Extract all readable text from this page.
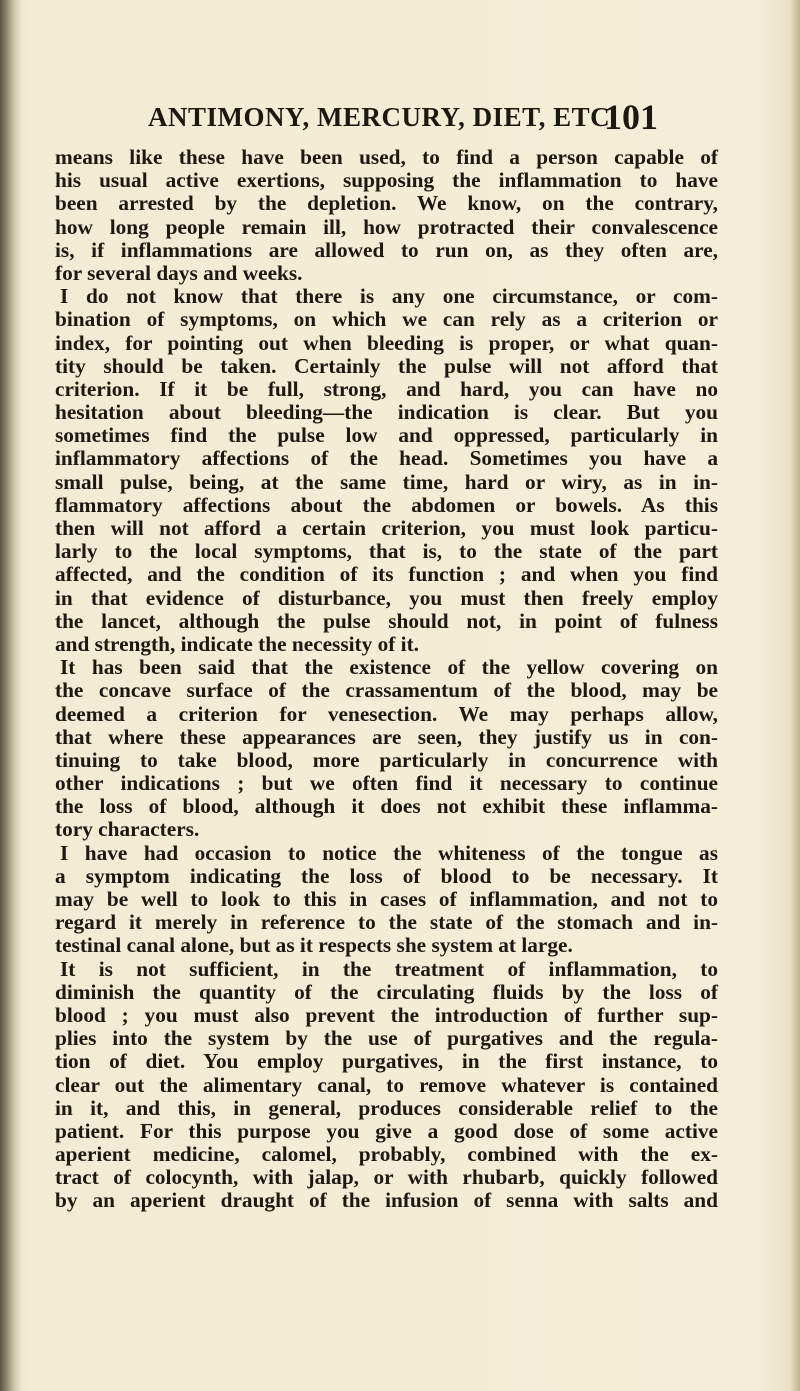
ANTIMONY, MERCURY, DIET, ETC.
101
means like these have been used, to find a person capable of
his usual active exertions, supposing the inflammation to have
been arrested by the depletion. We know, on the contrary,
how long people remain ill, how protracted their convalescence
is, if inflammations are allowed to run on, as they often are,
for several days and weeks.
I do not know that there is any one circumstance, or com-
bination of symptoms, on which we can rely as a criterion or
index, for pointing out when bleeding is proper, or what quan-
tity should be taken. Certainly the pulse will not afford that
criterion. If it be full, strong, and hard, you can have no
hesitation about bleeding—the indication is clear. But you
sometimes find the pulse low and oppressed, particularly in
inflammatory affections of the head. Sometimes you have a
small pulse, being, at the same time, hard or wiry, as in in-
flammatory affections about the abdomen or bowels. As this
then will not afford a certain criterion, you must look particu-
larly to the local symptoms, that is, to the state of the part
affected, and the condition of its function ; and when you find
in that evidence of disturbance, you must then freely employ
the lancet, although the pulse should not, in point of fulness
and strength, indicate the necessity of it.
It has been said that the existence of the yellow covering on
the concave surface of the crassamentum of the blood, may be
deemed a criterion for venesection. We may perhaps allow,
that where these appearances are seen, they justify us in con-
tinuing to take blood, more particularly in concurrence with
other indications ; but we often find it necessary to continue
the loss of blood, although it does not exhibit these inflamma-
tory characters.
I have had occasion to notice the whiteness of the tongue as
a symptom indicating the loss of blood to be necessary. It
may be well to look to this in cases of inflammation, and not to
regard it merely in reference to the state of the stomach and in-
testinal canal alone, but as it respects she system at large.
It is not sufficient, in the treatment of inflammation, to
diminish the quantity of the circulating fluids by the loss of
blood ; you must also prevent the introduction of further sup-
plies into the system by the use of purgatives and the regula-
tion of diet. You employ purgatives, in the first instance, to
clear out the alimentary canal, to remove whatever is contained
in it, and this, in general, produces considerable relief to the
patient. For this purpose you give a good dose of some active
aperient medicine, calomel, probably, combined with the ex-
tract of colocynth, with jalap, or with rhubarb, quickly followed
by an aperient draught of the infusion of senna with salts and
